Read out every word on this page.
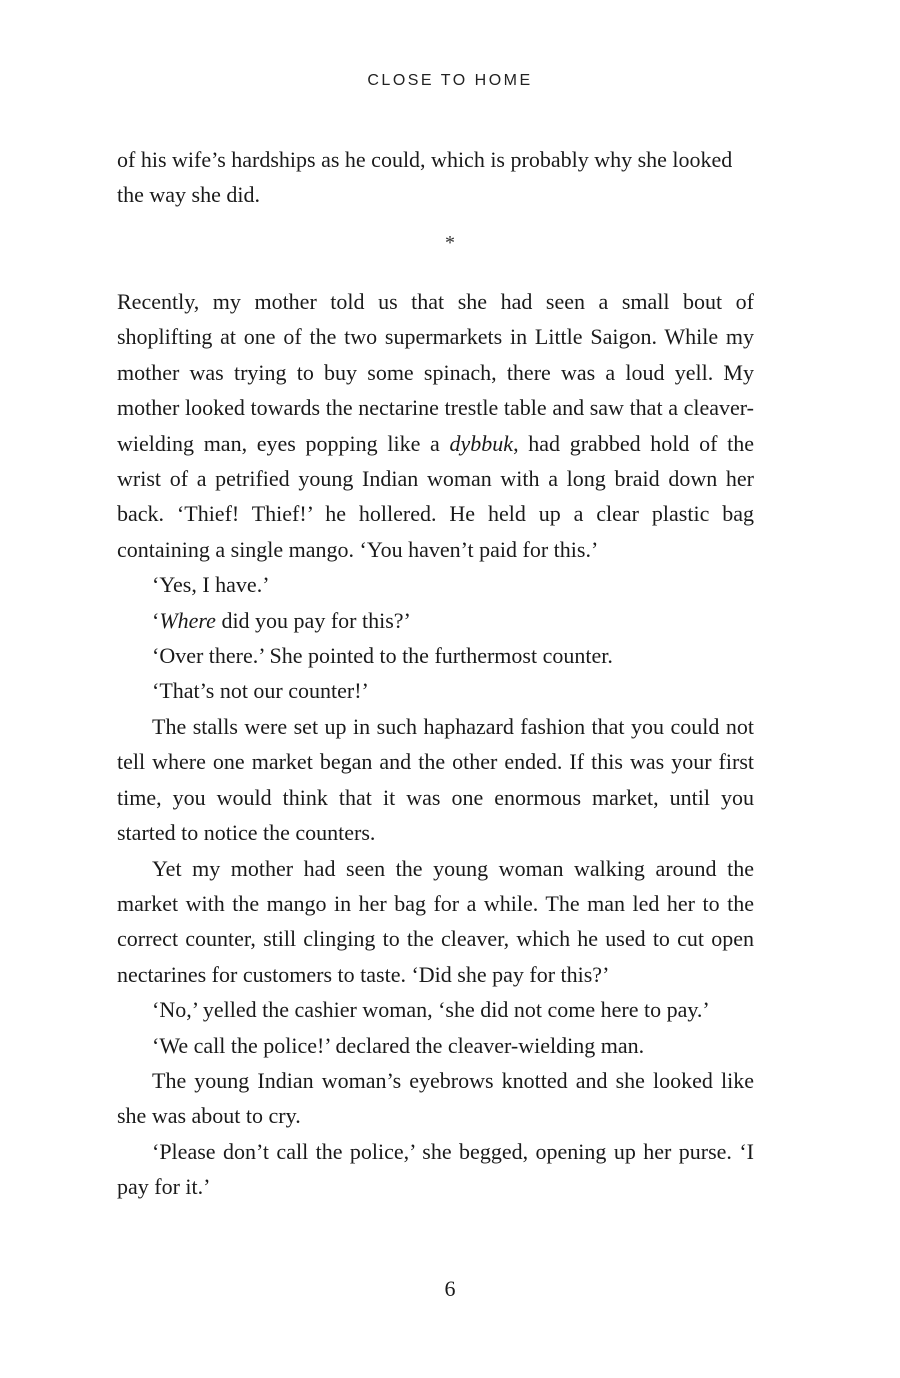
CLOSE TO HOME

of his wife’s hardships as he could, which is probably why she looked the way she did.

*

Recently, my mother told us that she had seen a small bout of shoplifting at one of the two supermarkets in Little Saigon. While my mother was trying to buy some spinach, there was a loud yell. My mother looked towards the nectarine trestle table and saw that a cleaver-wielding man, eyes popping like a dybbuk, had grabbed hold of the wrist of a petrified young Indian woman with a long braid down her back. ‘Thief! Thief!’ he hollered. He held up a clear plastic bag containing a single mango. ‘You haven’t paid for this.’

‘Yes, I have.’

‘Where did you pay for this?’

‘Over there.’ She pointed to the furthermost counter.

‘That’s not our counter!’

The stalls were set up in such haphazard fashion that you could not tell where one market began and the other ended. If this was your first time, you would think that it was one enormous market, until you started to notice the counters.

Yet my mother had seen the young woman walking around the market with the mango in her bag for a while. The man led her to the correct counter, still clinging to the cleaver, which he used to cut open nectarines for customers to taste. ‘Did she pay for this?’

‘No,’ yelled the cashier woman, ‘she did not come here to pay.’

‘We call the police!’ declared the cleaver-wielding man.

The young Indian woman’s eyebrows knotted and she looked like she was about to cry.

‘Please don’t call the police,’ she begged, opening up her purse. ‘I pay for it.’

6
